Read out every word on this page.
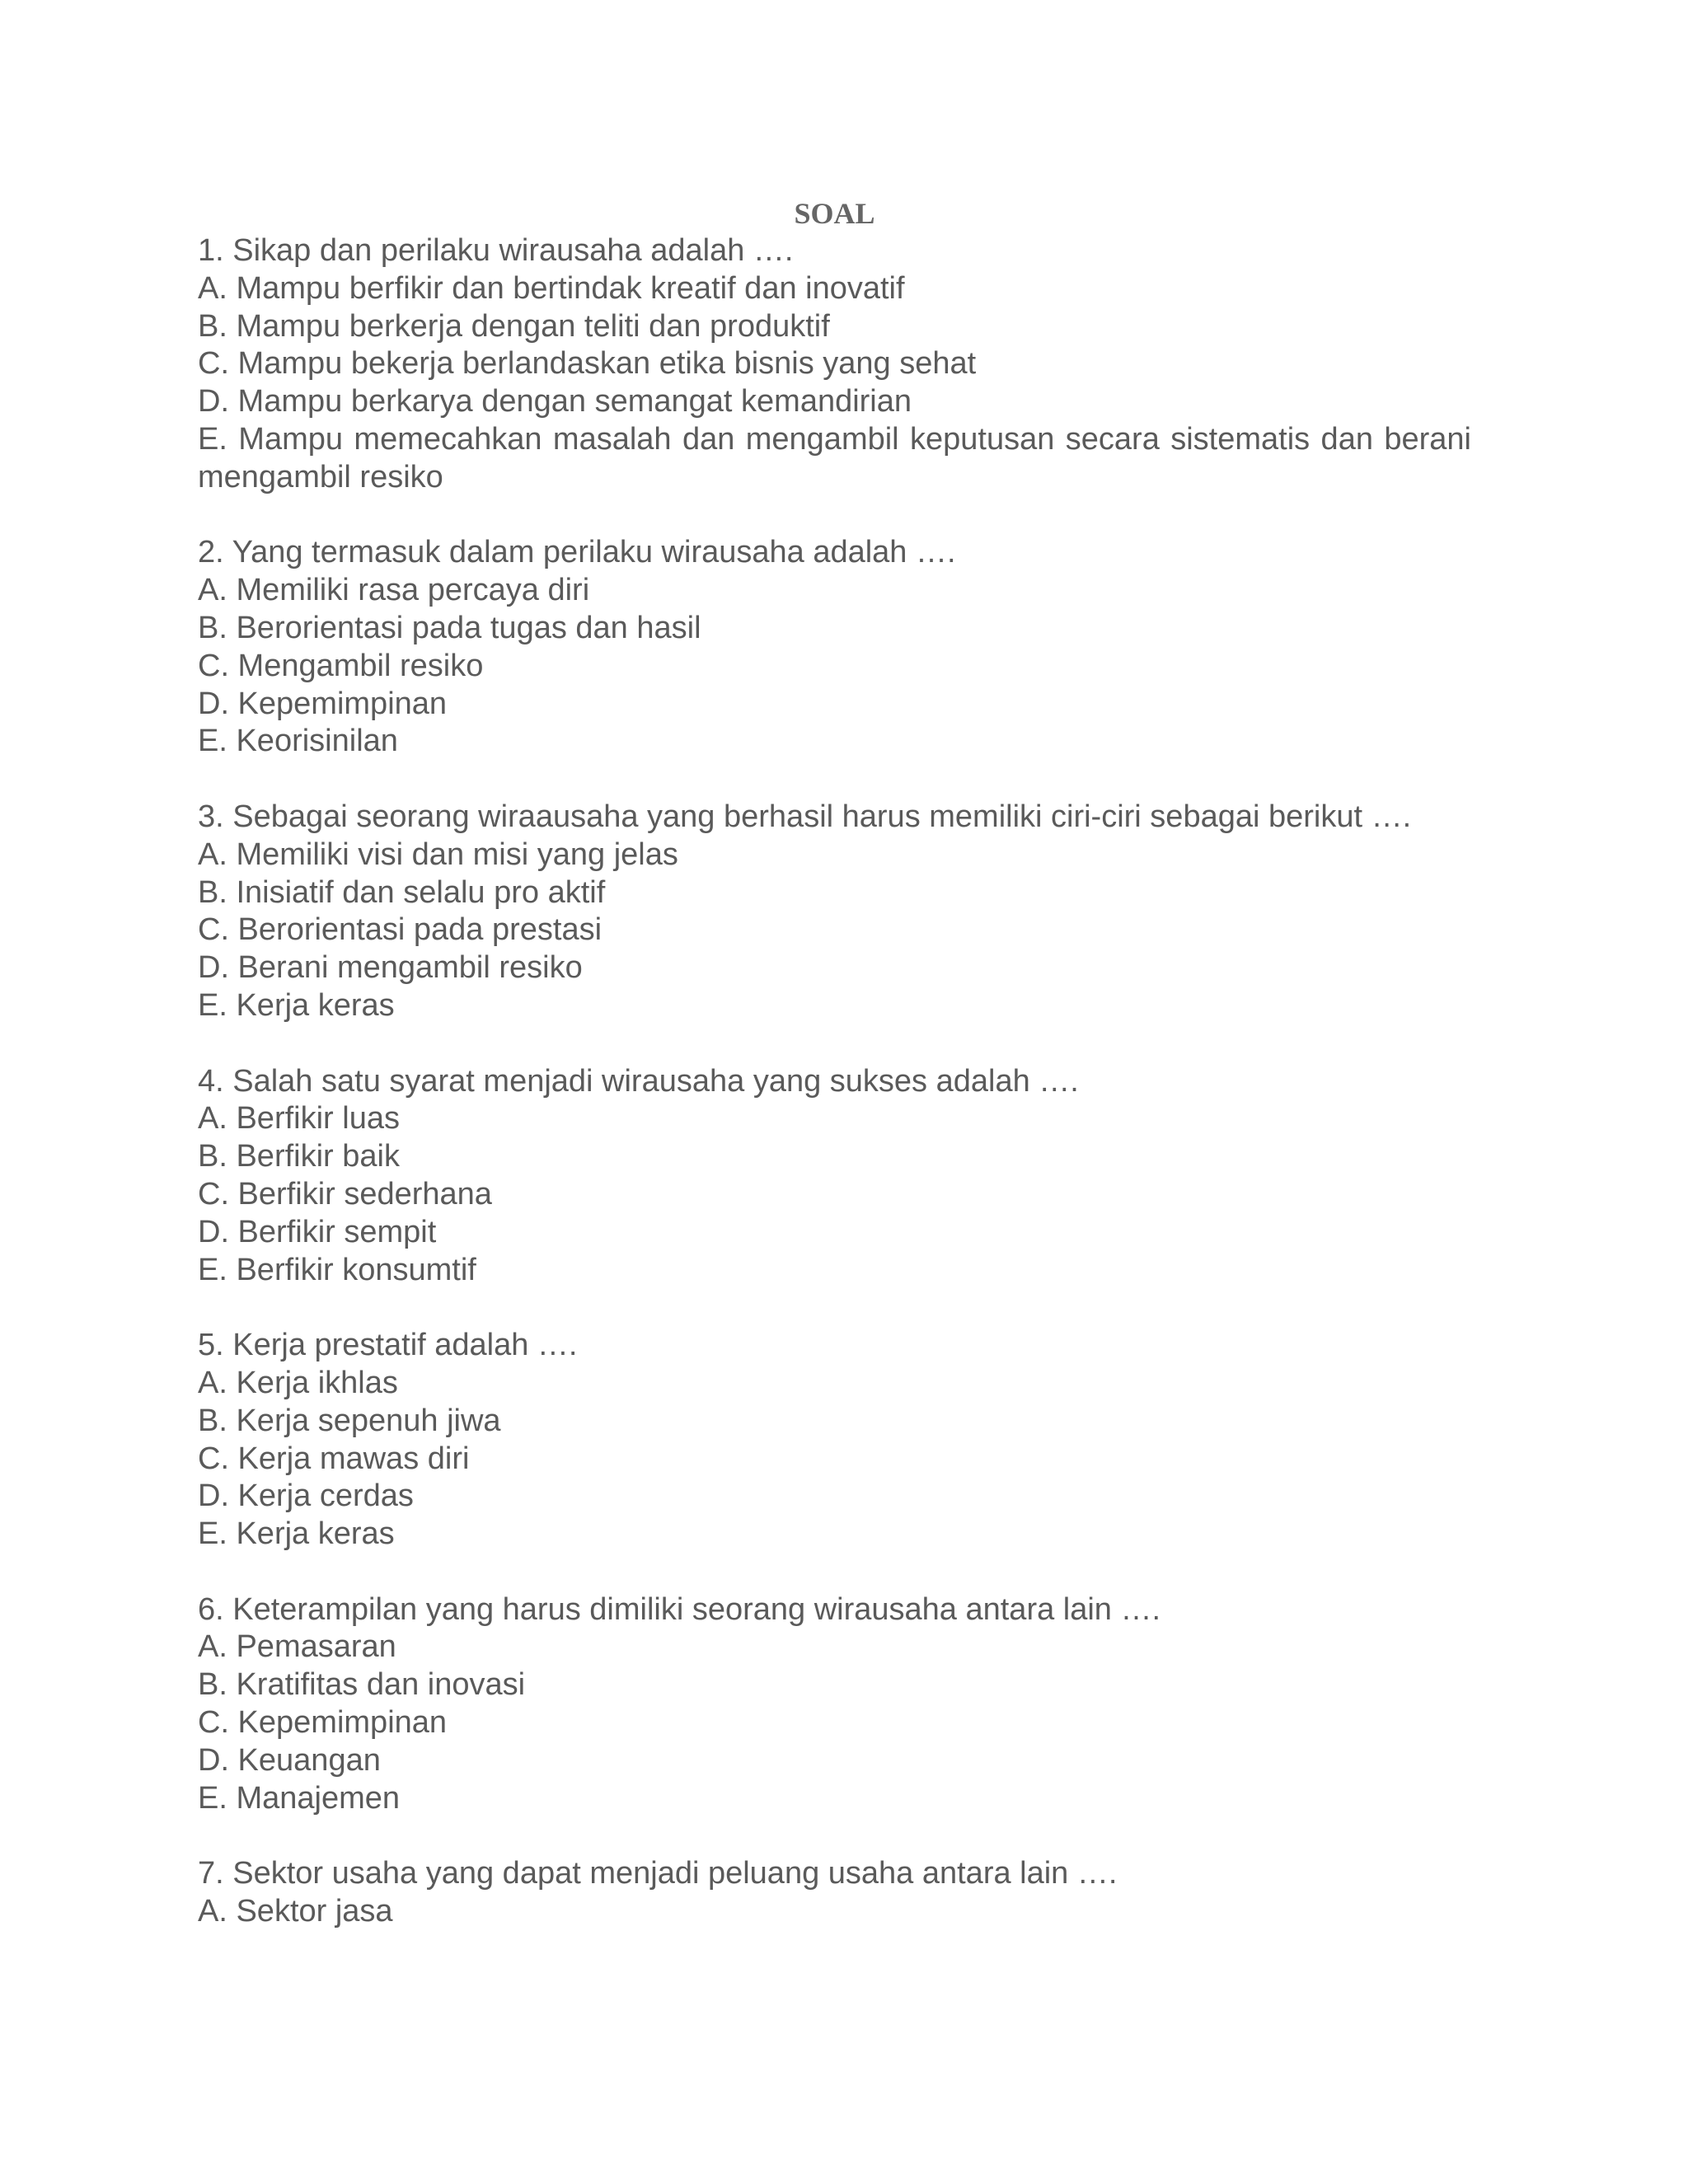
SOAL

1. Sikap dan perilaku wirausaha adalah ….

A. Mampu berfikir dan bertindak kreatif dan inovatif

B. Mampu berkerja dengan teliti dan produktif

C. Mampu bekerja berlandaskan etika bisnis yang sehat

D. Mampu berkarya dengan semangat kemandirian

E. Mampu memecahkan masalah dan mengambil keputusan secara sistematis dan berani mengambil resiko

2. Yang termasuk dalam perilaku wirausaha adalah ….

A. Memiliki rasa percaya diri

B. Berorientasi pada tugas dan hasil

C. Mengambil resiko

D. Kepemimpinan

E. Keorisinilan

3. Sebagai seorang wiraausaha yang berhasil harus memiliki ciri-ciri sebagai berikut ….

A. Memiliki visi dan misi yang jelas

B. Inisiatif dan selalu pro aktif

C. Berorientasi pada prestasi

D. Berani mengambil resiko

E. Kerja keras

4. Salah satu syarat menjadi wirausaha yang sukses adalah ….

A. Berfikir luas

B. Berfikir baik

C. Berfikir sederhana

D. Berfikir sempit

E. Berfikir konsumtif

5. Kerja prestatif adalah ….

A. Kerja ikhlas

B. Kerja sepenuh jiwa

C. Kerja mawas diri

D. Kerja cerdas

E. Kerja keras

6. Keterampilan yang harus dimiliki seorang wirausaha antara lain ….

A. Pemasaran

B. Kratifitas dan inovasi

C. Kepemimpinan

D. Keuangan

E. Manajemen

7. Sektor usaha yang dapat menjadi peluang usaha antara lain ….

A. Sektor jasa
